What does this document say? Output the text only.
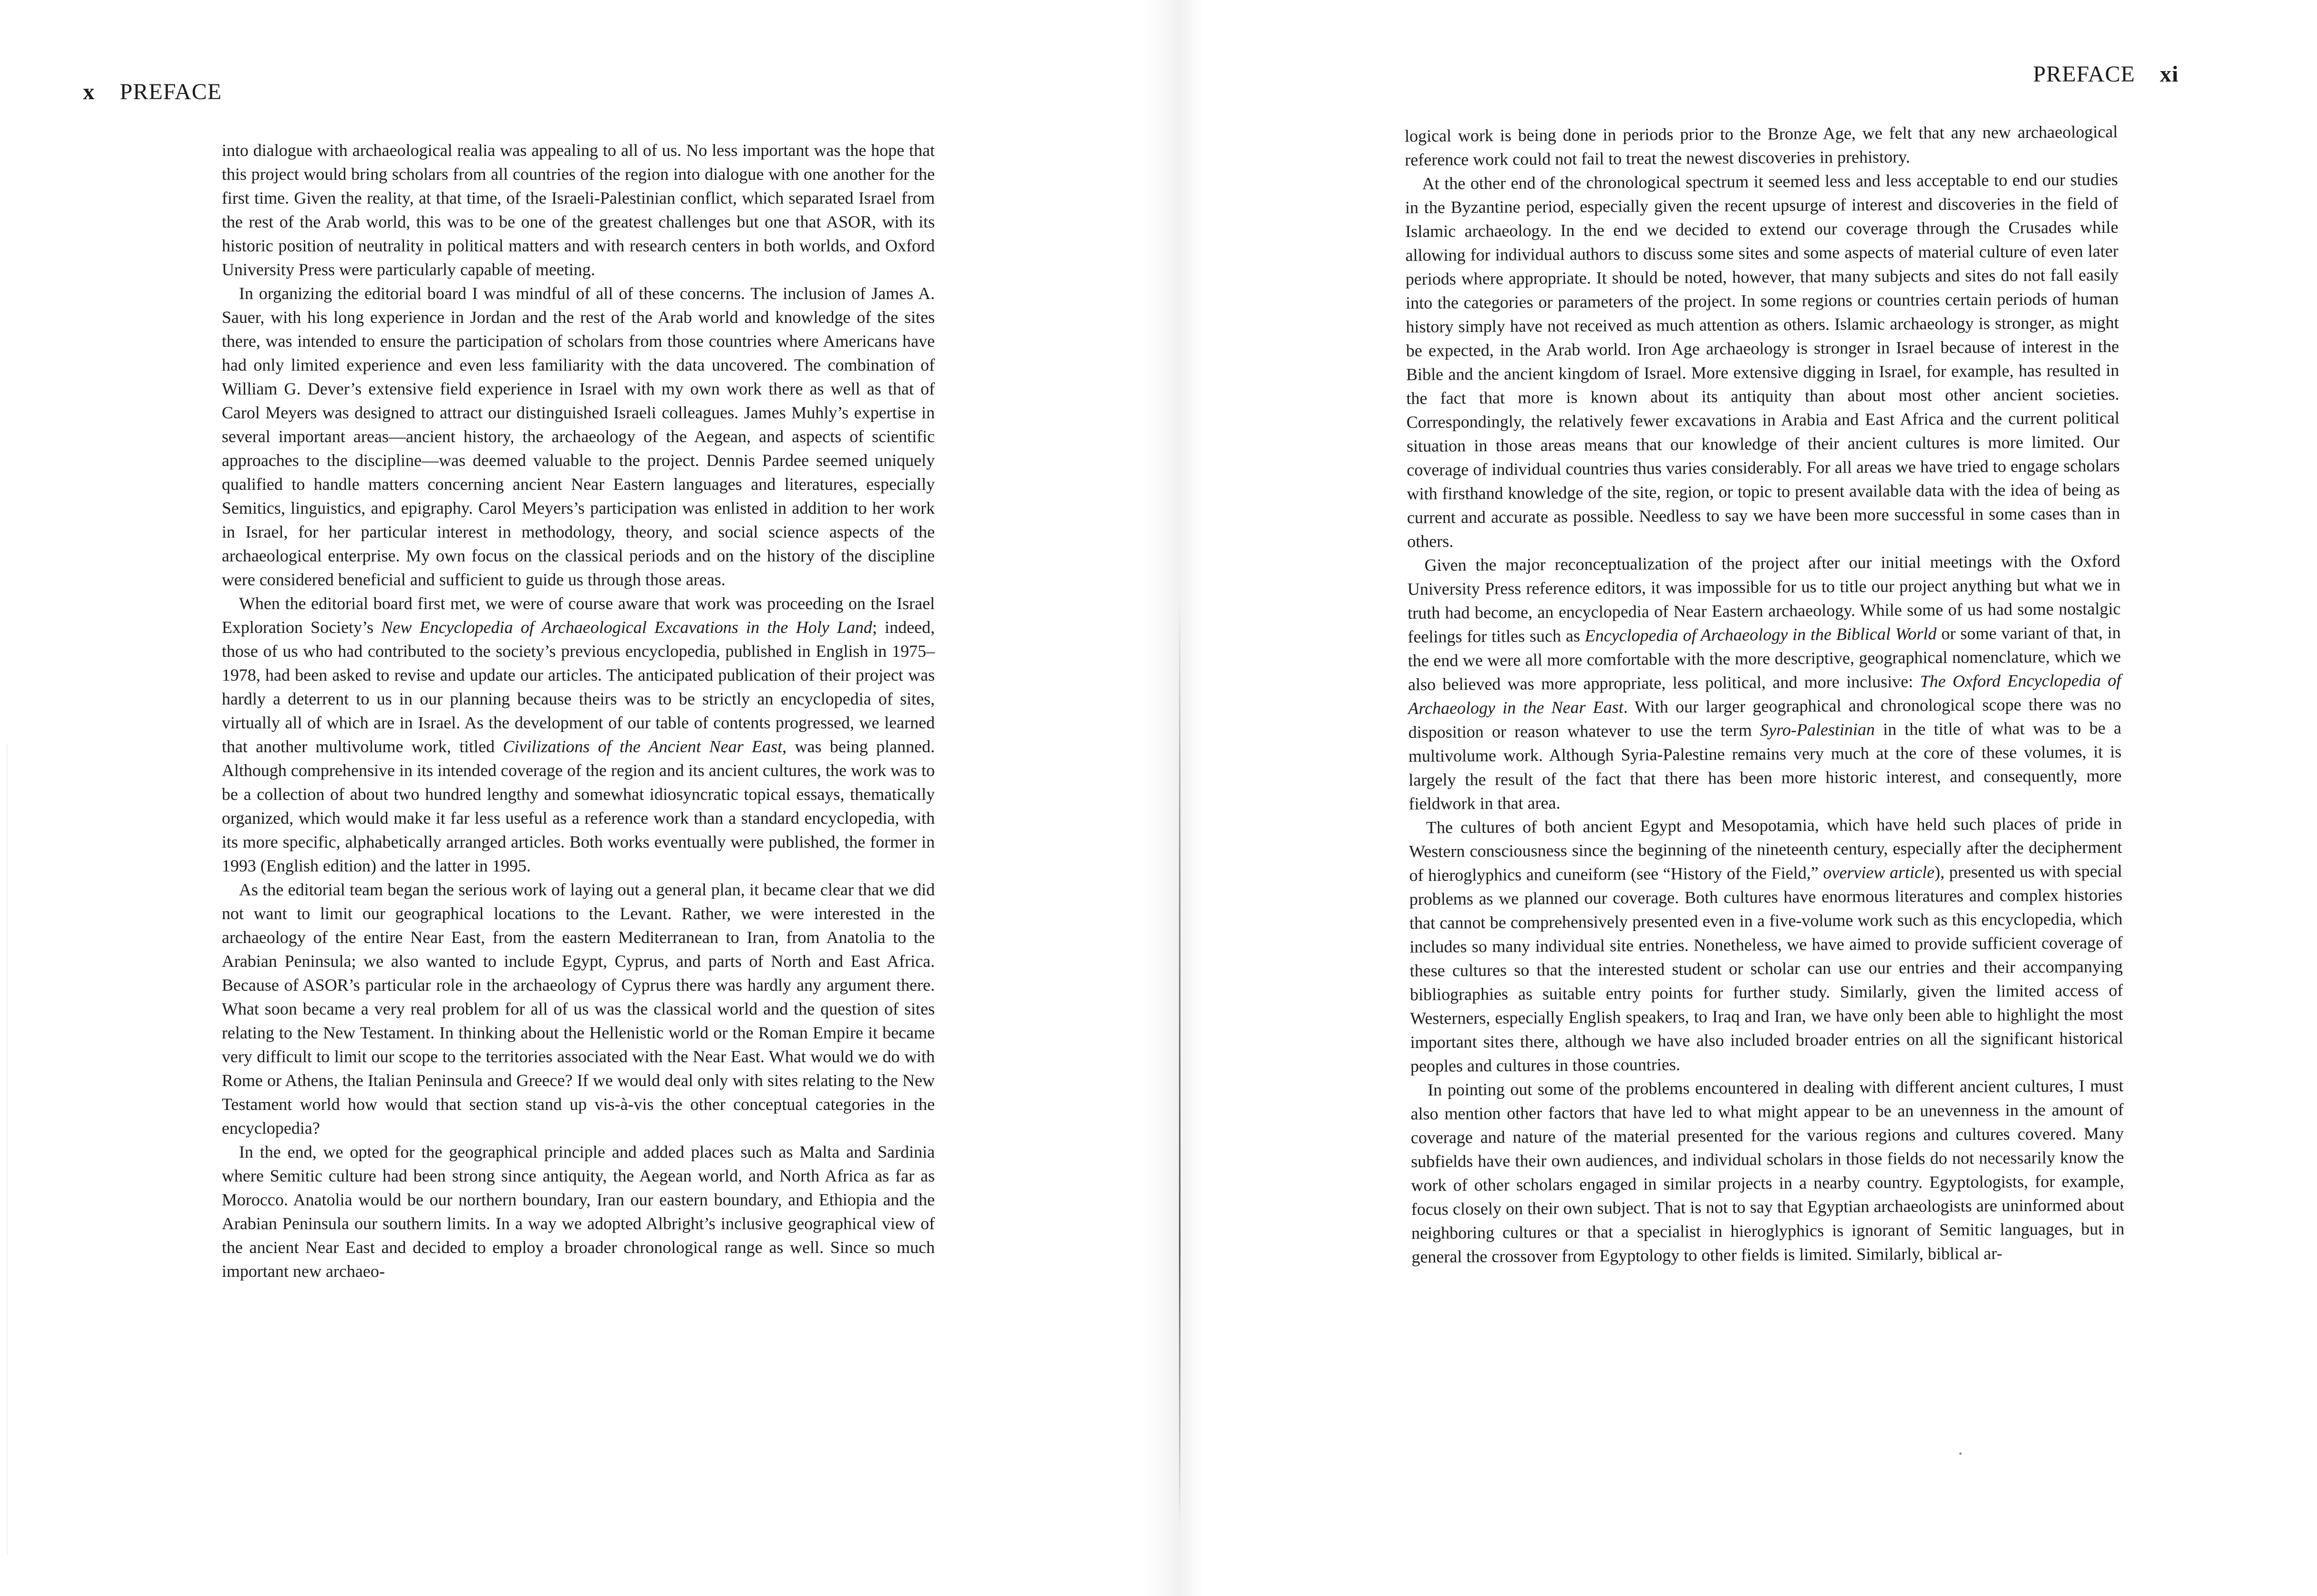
x PREFACE

into dialogue with archaeological realia was appealing to all of us. No less important was the hope that this project would bring scholars from all countries of the region into dialogue with one another for the first time. Given the reality, at that time, of the Israeli-Palestinian conflict, which separated Israel from the rest of the Arab world, this was to be one of the greatest challenges but one that ASOR, with its historic position of neutrality in political matters and with research centers in both worlds, and Oxford University Press were particularly capable of meeting.

In organizing the editorial board I was mindful of all of these concerns. The inclusion of James A. Sauer, with his long experience in Jordan and the rest of the Arab world and knowledge of the sites there, was intended to ensure the participation of scholars from those countries where Americans have had only limited experience and even less familiarity with the data uncovered. The combination of William G. Dever’s extensive field experience in Israel with my own work there as well as that of Carol Meyers was designed to attract our distinguished Israeli colleagues. James Muhly’s expertise in several important areas—ancient history, the archaeology of the Aegean, and aspects of scientific approaches to the discipline—was deemed valuable to the project. Dennis Pardee seemed uniquely qualified to handle matters concerning ancient Near Eastern languages and literatures, especially Semitics, linguistics, and epigraphy. Carol Meyers’s participation was enlisted in addition to her work in Israel, for her particular interest in methodology, theory, and social science aspects of the archaeological enterprise. My own focus on the classical periods and on the history of the discipline were considered beneficial and sufficient to guide us through those areas.

When the editorial board first met, we were of course aware that work was proceeding on the Israel Exploration Society’s New Encyclopedia of Archaeological Excavations in the Holy Land; indeed, those of us who had contributed to the society’s previous encyclopedia, published in English in 1975–1978, had been asked to revise and update our articles. The anticipated publication of their project was hardly a deterrent to us in our planning because theirs was to be strictly an encyclopedia of sites, virtually all of which are in Israel. As the development of our table of contents progressed, we learned that another multivolume work, titled Civilizations of the Ancient Near East, was being planned. Although comprehensive in its intended coverage of the region and its ancient cultures, the work was to be a collection of about two hundred lengthy and somewhat idiosyncratic topical essays, thematically organized, which would make it far less useful as a reference work than a standard encyclopedia, with its more specific, alphabetically arranged articles. Both works eventually were published, the former in 1993 (English edition) and the latter in 1995.

As the editorial team began the serious work of laying out a general plan, it became clear that we did not want to limit our geographical locations to the Levant. Rather, we were interested in the archaeology of the entire Near East, from the eastern Mediterranean to Iran, from Anatolia to the Arabian Peninsula; we also wanted to include Egypt, Cyprus, and parts of North and East Africa. Because of ASOR’s particular role in the archaeology of Cyprus there was hardly any argument there. What soon became a very real problem for all of us was the classical world and the question of sites relating to the New Testament. In thinking about the Hellenistic world or the Roman Empire it became very difficult to limit our scope to the territories associated with the Near East. What would we do with Rome or Athens, the Italian Peninsula and Greece? If we would deal only with sites relating to the New Testament world how would that section stand up vis-à-vis the other conceptual categories in the encyclopedia?

In the end, we opted for the geographical principle and added places such as Malta and Sardinia where Semitic culture had been strong since antiquity, the Aegean world, and North Africa as far as Morocco. Anatolia would be our northern boundary, Iran our eastern boundary, and Ethiopia and the Arabian Peninsula our southern limits. In a way we adopted Albright’s inclusive geographical view of the ancient Near East and decided to employ a broader chronological range as well. Since so much important new archaeo-

PREFACE xi

logical work is being done in periods prior to the Bronze Age, we felt that any new archaeological reference work could not fail to treat the newest discoveries in prehistory.

At the other end of the chronological spectrum it seemed less and less acceptable to end our studies in the Byzantine period, especially given the recent upsurge of interest and discoveries in the field of Islamic archaeology. In the end we decided to extend our coverage through the Crusades while allowing for individual authors to discuss some sites and some aspects of material culture of even later periods where appropriate. It should be noted, however, that many subjects and sites do not fall easily into the categories or parameters of the project. In some regions or countries certain periods of human history simply have not received as much attention as others. Islamic archaeology is stronger, as might be expected, in the Arab world. Iron Age archaeology is stronger in Israel because of interest in the Bible and the ancient kingdom of Israel. More extensive digging in Israel, for example, has resulted in the fact that more is known about its antiquity than about most other ancient societies. Correspondingly, the relatively fewer excavations in Arabia and East Africa and the current political situation in those areas means that our knowledge of their ancient cultures is more limited. Our coverage of individual countries thus varies considerably. For all areas we have tried to engage scholars with firsthand knowledge of the site, region, or topic to present available data with the idea of being as current and accurate as possible. Needless to say we have been more successful in some cases than in others.

Given the major reconceptualization of the project after our initial meetings with the Oxford University Press reference editors, it was impossible for us to title our project anything but what we in truth had become, an encyclopedia of Near Eastern archaeology. While some of us had some nostalgic feelings for titles such as Encyclopedia of Archaeology in the Biblical World or some variant of that, in the end we were all more comfortable with the more descriptive, geographical nomenclature, which we also believed was more appropriate, less political, and more inclusive: The Oxford Encyclopedia of Archaeology in the Near East. With our larger geographical and chronological scope there was no disposition or reason whatever to use the term Syro-Palestinian in the title of what was to be a multivolume work. Although Syria-Palestine remains very much at the core of these volumes, it is largely the result of the fact that there has been more historic interest, and consequently, more fieldwork in that area.

The cultures of both ancient Egypt and Mesopotamia, which have held such places of pride in Western consciousness since the beginning of the nineteenth century, especially after the decipherment of hieroglyphics and cuneiform (see “History of the Field,” overview article), presented us with special problems as we planned our coverage. Both cultures have enormous literatures and complex histories that cannot be comprehensively presented even in a five-volume work such as this encyclopedia, which includes so many individual site entries. Nonetheless, we have aimed to provide sufficient coverage of these cultures so that the interested student or scholar can use our entries and their accompanying bibliographies as suitable entry points for further study. Similarly, given the limited access of Westerners, especially English speakers, to Iraq and Iran, we have only been able to highlight the most important sites there, although we have also included broader entries on all the significant historical peoples and cultures in those countries.

In pointing out some of the problems encountered in dealing with different ancient cultures, I must also mention other factors that have led to what might appear to be an unevenness in the amount of coverage and nature of the material presented for the various regions and cultures covered. Many subfields have their own audiences, and individual scholars in those fields do not necessarily know the work of other scholars engaged in similar projects in a nearby country. Egyptologists, for example, focus closely on their own subject. That is not to say that Egyptian archaeologists are uninformed about neighboring cultures or that a specialist in hieroglyphics is ignorant of Semitic languages, but in general the crossover from Egyptology to other fields is limited. Similarly, biblical ar-
